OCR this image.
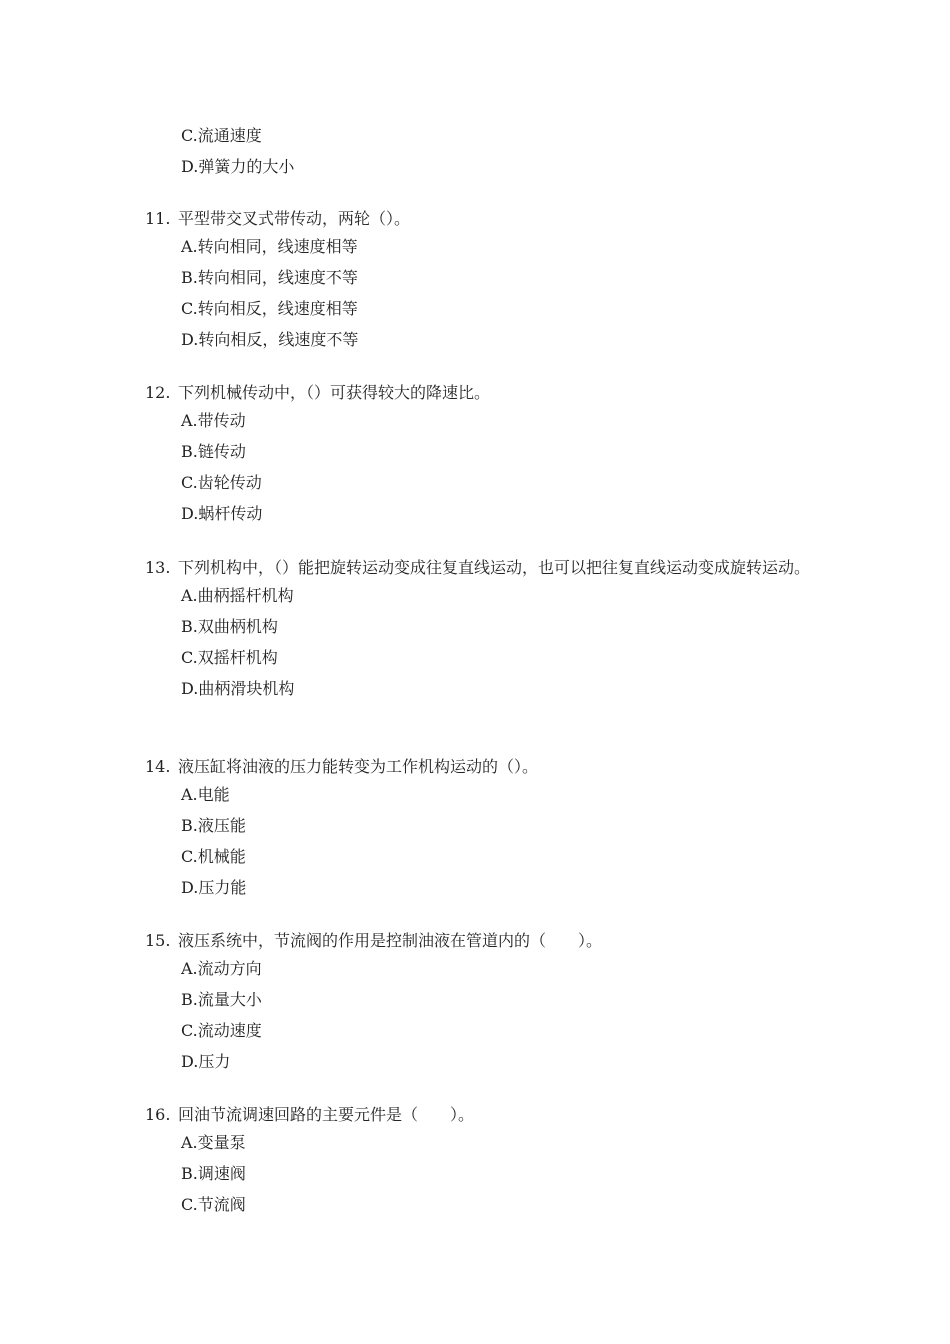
C.流通速度
D.弹簧力的大小
11. 平型带交叉式带传动，两轮（）。
A.转向相同，线速度相等
B.转向相同，线速度不等
C.转向相反，线速度相等
D.转向相反，线速度不等
12. 下列机械传动中，（）可获得较大的降速比。
A.带传动
B.链传动
C.齿轮传动
D.蜗杆传动
13. 下列机构中，（）能把旋转运动变成往复直线运动，也可以把往复直线运动变成旋转运动。
A.曲柄摇杆机构
B.双曲柄机构
C.双摇杆机构
D.曲柄滑块机构
14. 液压缸将油液的压力能转变为工作机构运动的（）。
A.电能
B.液压能
C.机械能
D.压力能
15. 液压系统中，节流阀的作用是控制油液在管道内的（　　）。
A.流动方向
B.流量大小
C.流动速度
D.压力
16. 回油节流调速回路的主要元件是（　　）。
A.变量泵
B.调速阀
C.节流阀
